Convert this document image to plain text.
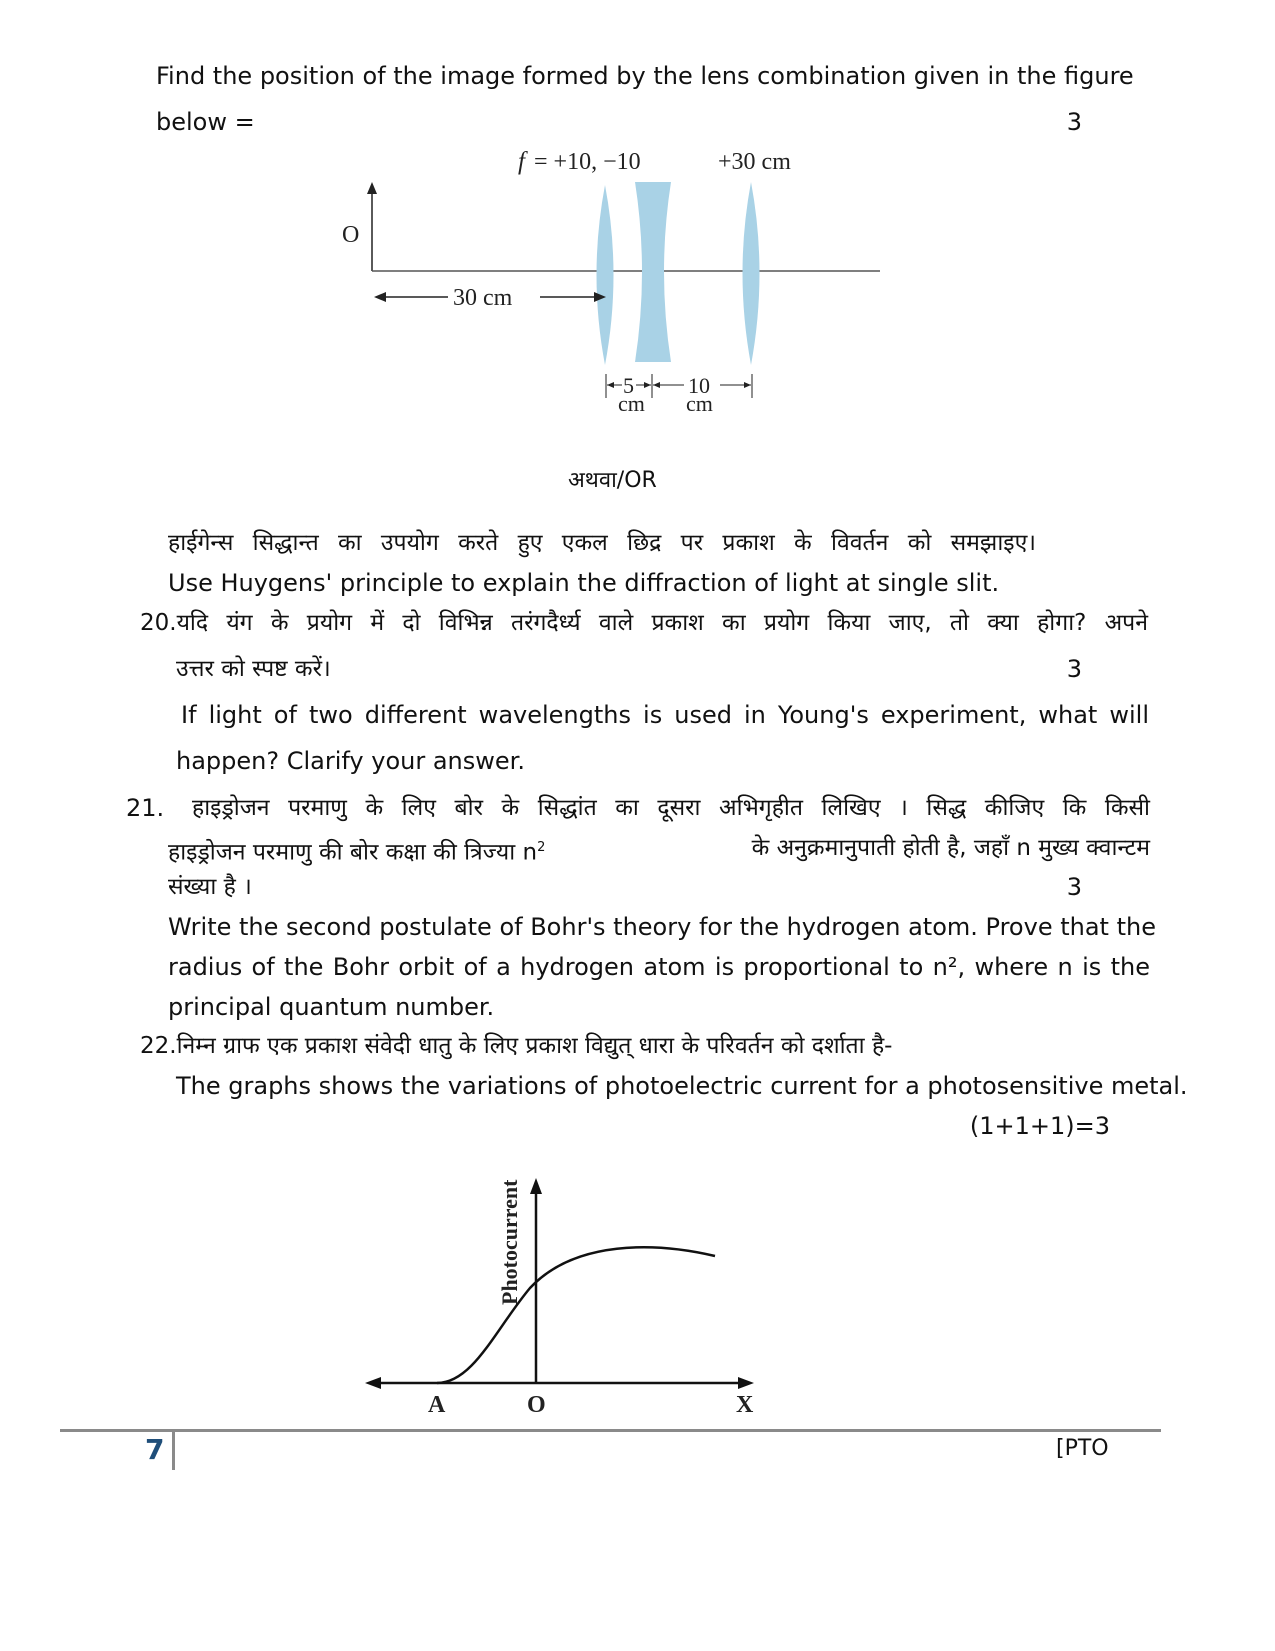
Find the position of the image formed by the lens combination given in the figure
below =	3
f = +10, −10	+30 cm
O
30 cm
5
cm
10
cm
अथवा/OR
हाईगेन्स सिद्धान्त का उपयोग करते हुए एकल छिद्र पर प्रकाश के विवर्तन को समझाइए।
Use Huygens' principle to explain the diffraction of light at single slit.
20.यदि यंग के प्रयोग में दो विभिन्न तरंगदैर्ध्य वाले प्रकाश का प्रयोग किया जाए, तो क्या होगा? अपने
उत्तर को स्पष्ट करें।	3
If light of two different wavelengths is used in Young's experiment, what will
happen? Clarify your answer.
21. हाइड्रोजन परमाणु के लिए बोर के सिद्धांत का दूसरा अभिगृहीत लिखिए । सिद्ध कीजिए कि किसी
हाइड्रोजन परमाणु की बोर कक्षा की त्रिज्या $n^2$	के अनुक्रमानुपाती होती है, जहाँ n मुख्य क्वान्टम
संख्या है ।	3
Write the second postulate of Bohr's theory for the hydrogen atom. Prove that the
radius of the Bohr orbit of a hydrogen atom is proportional to n², where n is the
principal quantum number.
22.निम्न ग्राफ एक प्रकाश संवेदी धातु के लिए प्रकाश विद्युत् धारा के परिवर्तन को दर्शाता है-
The graphs shows the variations of photoelectric current for a photosensitive metal.
(1+1+1)=3
Photocurrent
A	O	X
7	[PTO
